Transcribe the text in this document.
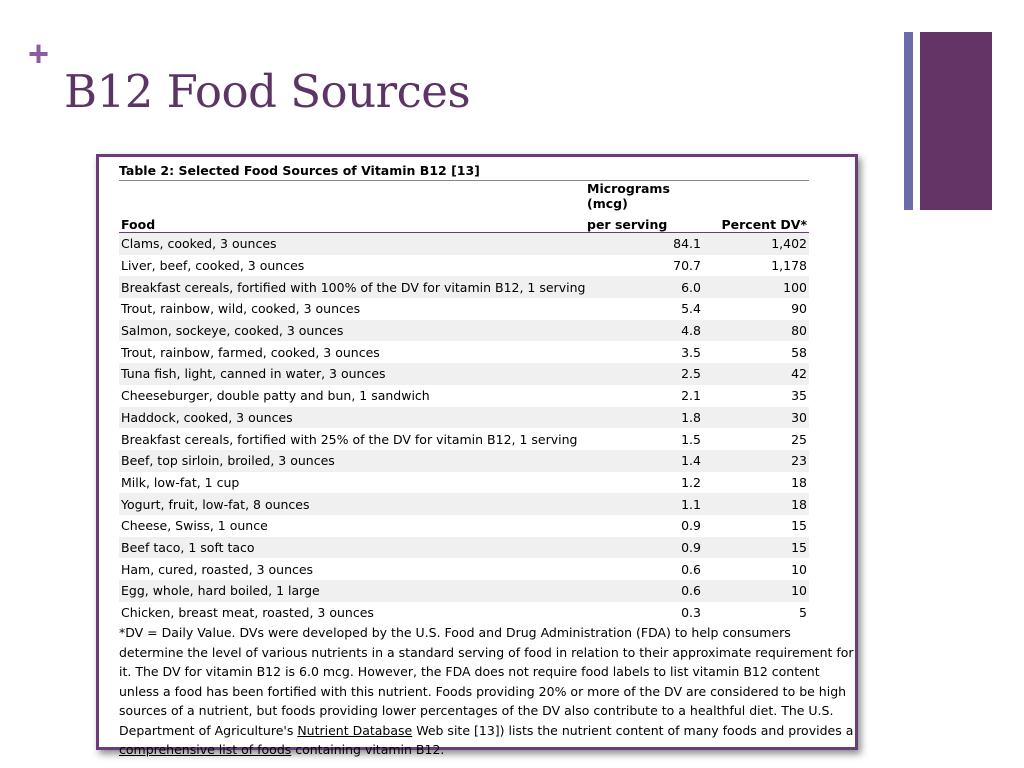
+
B12 Food Sources
Table 2: Selected Food Sources of Vitamin B12 [13]
	Micrograms (mcg)	
Food	per serving	Percent DV*
Clams, cooked, 3 ounces	84.1	1,402
Liver, beef, cooked, 3 ounces	70.7	1,178
Breakfast cereals, fortified with 100% of the DV for vitamin B12, 1 serving	6.0	100
Trout, rainbow, wild, cooked, 3 ounces	5.4	90
Salmon, sockeye, cooked, 3 ounces	4.8	80
Trout, rainbow, farmed, cooked, 3 ounces	3.5	58
Tuna fish, light, canned in water, 3 ounces	2.5	42
Cheeseburger, double patty and bun, 1 sandwich	2.1	35
Haddock, cooked, 3 ounces	1.8	30
Breakfast cereals, fortified with 25% of the DV for vitamin B12, 1 serving	1.5	25
Beef, top sirloin, broiled, 3 ounces	1.4	23
Milk, low-fat, 1 cup	1.2	18
Yogurt, fruit, low-fat, 8 ounces	1.1	18
Cheese, Swiss, 1 ounce	0.9	15
Beef taco, 1 soft taco	0.9	15
Ham, cured, roasted, 3 ounces	0.6	10
Egg, whole, hard boiled, 1 large	0.6	10
Chicken, breast meat, roasted, 3 ounces	0.3	5
*DV = Daily Value. DVs were developed by the U.S. Food and Drug Administration (FDA) to help consumers
determine the level of various nutrients in a standard serving of food in relation to their approximate requirement for
it. The DV for vitamin B12 is 6.0 mcg. However, the FDA does not require food labels to list vitamin B12 content
unless a food has been fortified with this nutrient. Foods providing 20% or more of the DV are considered to be high
sources of a nutrient, but foods providing lower percentages of the DV also contribute to a healthful diet. The U.S.
Department of Agriculture's Nutrient Database Web site [13]) lists the nutrient content of many foods and provides a
comprehensive list of foods containing vitamin B12.
